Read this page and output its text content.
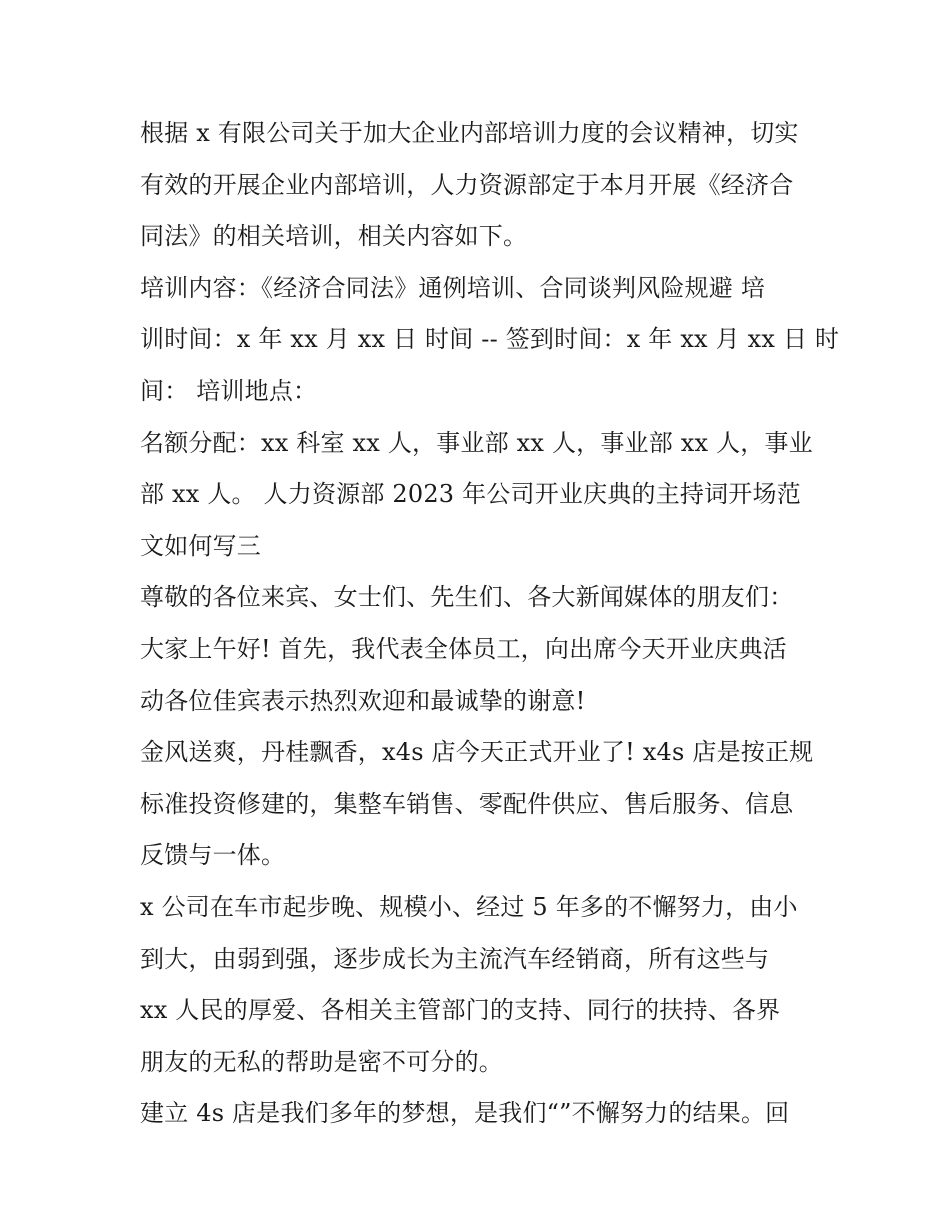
根据 x 有限公司关于加大企业内部培训力度的会议精神，切实
有效的开展企业内部培训，人力资源部定于本月开展《经济合
同法》的相关培训，相关内容如下。

培训内容：《经济合同法》通例培训、合同谈判风险规避 培
训时间：x 年 xx 月 xx 日 时间 -- 签到时间：x 年 xx 月 xx 日 时
间： 培训地点：

名额分配：xx 科室 xx 人，事业部 xx 人，事业部 xx 人，事业
部 xx 人。 人力资源部 2023 年公司开业庆典的主持词开场范
文如何写三

尊敬的各位来宾、女士们、先生们、各大新闻媒体的朋友们：
大家上午好! 首先，我代表全体员工，向出席今天开业庆典活
动各位佳宾表示热烈欢迎和最诚挚的谢意!

金风送爽，丹桂飘香，x4s 店今天正式开业了! x4s 店是按正规
标准投资修建的，集整车销售、零配件供应、售后服务、信息
反馈与一体。

x 公司在车市起步晚、规模小、经过 5 年多的不懈努力，由小
到大，由弱到强，逐步成长为主流汽车经销商，所有这些与
xx 人民的厚爱、各相关主管部门的支持、同行的扶持、各界
朋友的无私的帮助是密不可分的。

建立 4s 店是我们多年的梦想，是我们“”不懈努力的结果。回
